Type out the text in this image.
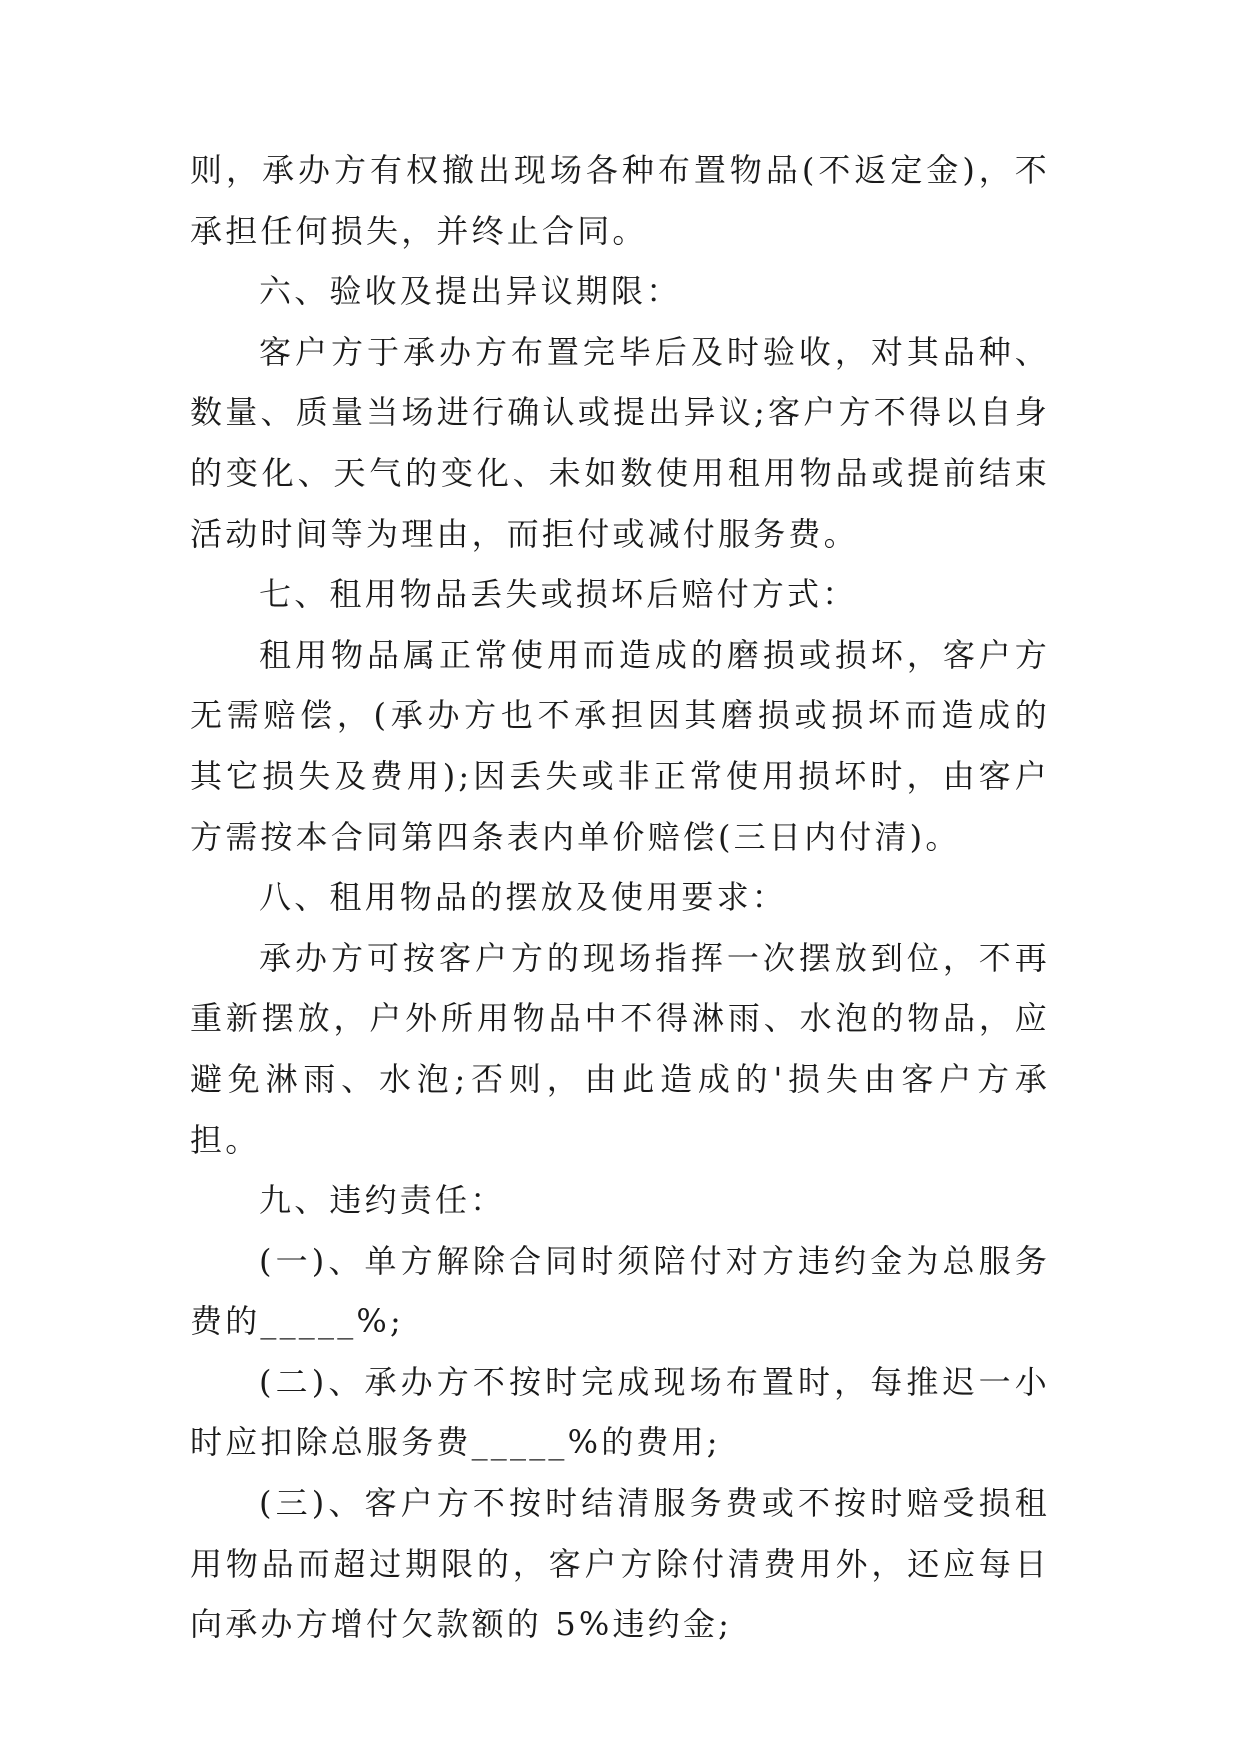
则，承办方有权撤出现场各种布置物品(不返定金)，不承担任何损失，并终止合同。

六、验收及提出异议期限：

客户方于承办方布置完毕后及时验收，对其品种、数量、质量当场进行确认或提出异议;客户方不得以自身的变化、天气的变化、未如数使用租用物品或提前结束活动时间等为理由，而拒付或减付服务费。

七、租用物品丢失或损坏后赔付方式：

租用物品属正常使用而造成的磨损或损坏，客户方无需赔偿，(承办方也不承担因其磨损或损坏而造成的其它损失及费用);因丢失或非正常使用损坏时，由客户方需按本合同第四条表内单价赔偿(三日内付清)。

八、租用物品的摆放及使用要求：

承办方可按客户方的现场指挥一次摆放到位，不再重新摆放，户外所用物品中不得淋雨、水泡的物品，应避免淋雨、水泡;否则，由此造成的'损失由客户方承担。

九、违约责任：

(一)、单方解除合同时须陪付对方违约金为总服务费的_____%;

(二)、承办方不按时完成现场布置时，每推迟一小时应扣除总服务费_____%的费用;

(三)、客户方不按时结清服务费或不按时赔受损租用物品而超过期限的，客户方除付清费用外，还应每日向承办方增付欠款额的 5%违约金;
